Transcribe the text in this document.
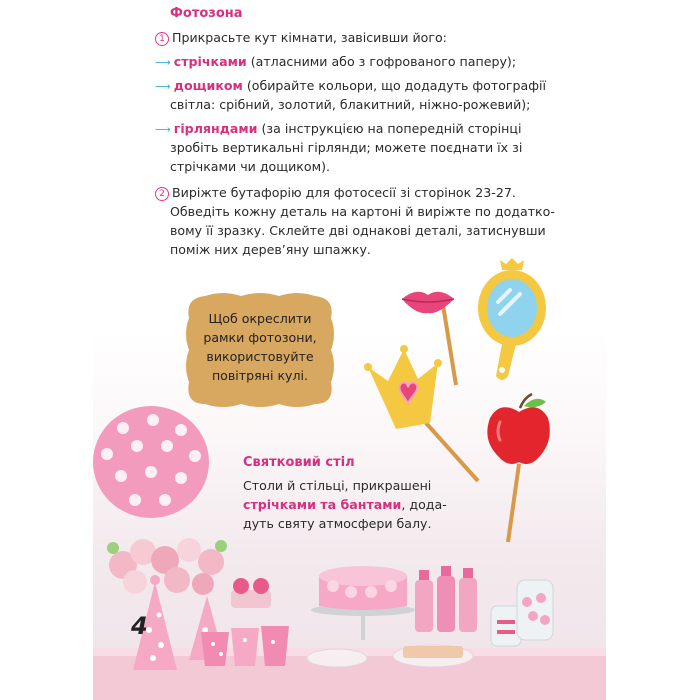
Фотозона
1 Прикрасьте кут кімнати, завісивши його:
⟶ стрічками (атласними або з гофрованого паперу);
⟶ дощиком (обирайте кольори, що додадуть фотографії
світла: срібний, золотий, блакитний, ніжно-рожевий);
⟶ гірляндами (за інструкцією на попередній сторінці
зробіть вертикальні гірлянди; можете поєднати їх зі
стрічками чи дощиком).
2 Виріжте бутафорію для фотосесії зі сторінок 23-27.
Обведіть кожну деталь на картоні й виріжте по додатко-
вому її зразку. Склейте дві однакові деталі, затиснувши
поміж них дерев’яну шпажку.
Щоб окреслити
рамки фотозони,
використовуйте
повітряні кулі.
Святковий стіл
Столи й стільці, прикрашені
стрічками та бантами, дода-
дуть святу атмосфери балу.
4
